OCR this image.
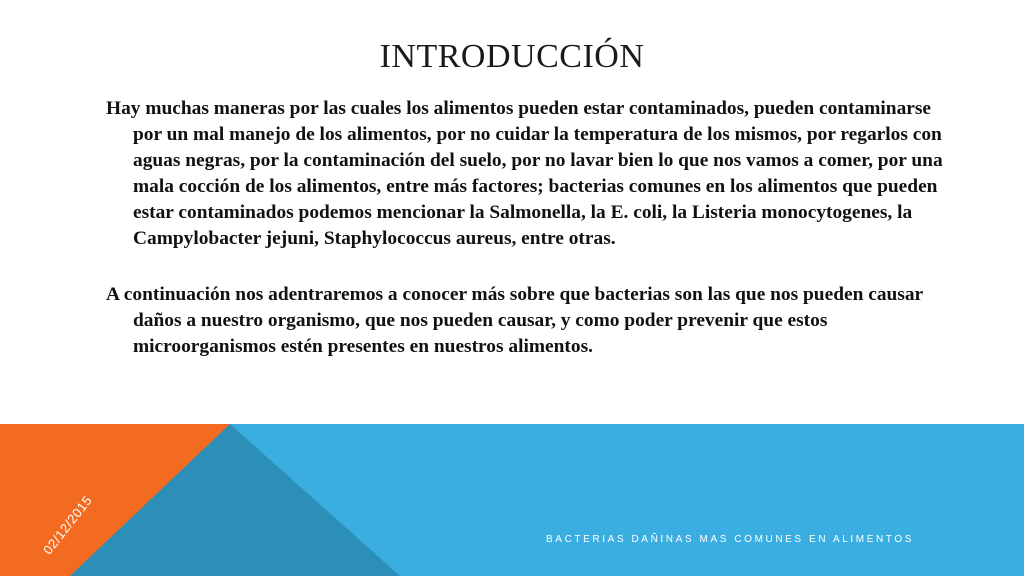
INTRODUCCIÓN

Hay muchas maneras por las cuales los alimentos pueden estar contaminados, pueden contaminarse por un mal manejo de los alimentos, por no cuidar la temperatura de los mismos, por regarlos con aguas negras, por la contaminación del suelo, por no lavar bien lo que nos vamos a comer, por una mala cocción de los alimentos, entre más factores; bacterias comunes en los alimentos que pueden estar contaminados podemos mencionar la Salmonella, la E. coli, la Listeria monocytogenes, la Campylobacter jejuni, Staphylococcus aureus, entre otras.

A continuación nos adentraremos a conocer más sobre que bacterias son las que nos pueden causar daños a nuestro organismo, que nos pueden causar, y como poder prevenir que estos microorganismos estén presentes en nuestros alimentos.

02/12/2015	BACTERIAS DAÑINAS MAS COMUNES EN ALIMENTOS
